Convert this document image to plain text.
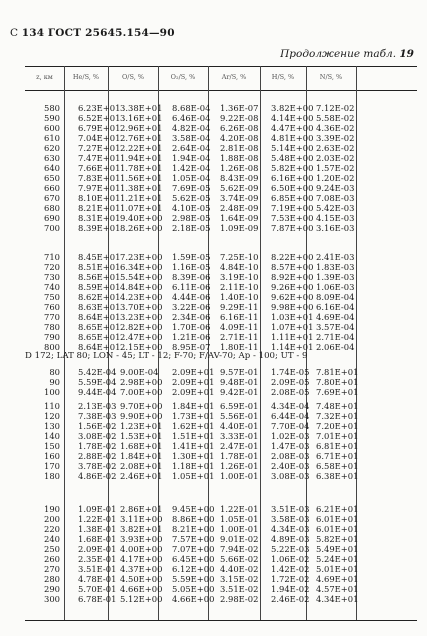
С 134 ГОСТ 25645.154—90
Продолжение табл. 19
z, км	Hе/S, %	O/S, %	O₂/S, %	Ar/S, %	H/S, %	N/S, %
580 6.23E+01 3.38E+01 8.68E-04 1.36E-07 3.82E+00 7.12E-02
590 6.52E+01 3.16E+01 6.46E-04 9.22E-08 4.14E+00 5.58E-02
600 6.79E+01 2.96E+01 4.82E-04 6.26E-08 4.47E+00 4.36E-02
610 7.04E+01 2.76E+01 3.58E-04 4.20E-08 4.81E+00 3.39E-02
620 7.27E+01 2.22E+01 2.64E-04 2.81E-08 5.14E+00 2.63E-02
630 7.47E+01 1.94E+01 1.94E-04 1.88E-08 5.48E+00 2.03E-02
640 7.66E+01 1.78E+01 1.42E-04 1.26E-08 5.82E+00 1.57E-02
650 7.83E+01 1.56E+01 1.05E-04 8.43E-09 6.16E+00 1.20E-02
660 7.97E+01 1.38E+01 7.69E-05 5.62E-09 6.50E+00 9.24E-03
670 8.10E+01 1.21E+01 5.62E-05 3.74E-09 6.85E+00 7.08E-03
680 8.21E+01 1.07E+01 4.10E-05 2.48E-09 7.19E+00 5.42E-03
690 8.31E+01 9.40E+00 2.98E-05 1.64E-09 7.53E+00 4.15E-03
700 8.39E+01 8.26E+00 2.18E-05 1.09E-09 7.87E+00 3.16E-03
710 8.45E+01 7.23E+00 1.59E-05 7.25E-10 8.22E+00 2.41E-03
720 8.51E+01 6.34E+00 1.16E-05 4.84E-10 8.57E+00 1.83E-03
730 8.56E+01 5.54E+00 8.39E-06 3.19E-10 8.92E+00 1.39E-03
740 8.59E+01 4.84E+00 6.11E-06 2.11E-10 9.26E+00 1.06E-03
750 8.62E+01 4.23E+00 4.44E-06 1.40E-10 9.62E+00 8.09E-04
760 8.63E+01 3.70E+00 3.22E-06 9.29E-11 9.98E+00 6.16E-04
770 8.64E+01 3.23E+00 2.34E-06 6.16E-11 1.03E+01 4.69E-04
780 8.65E+01 2.82E+00 1.70E-06 4.09E-11 1.07E+01 3.57E-04
790 8.65E+01 2.47E+00 1.21E-06 2.71E-11 1.11E+01 2.71E-04
800 8.64E+01 2.15E+00 8.95E-07 1.80E-11 1.14E+01 2.06E-04
D 172; LAT 80; LON - 45; LT - 12; F-70; F/AV-70; Ap - 100; UT - 9
80 5.42E-04 9.00E-04 2.09E+01 9.57E-01 1.74E-05 7.81E+01
90 5.59E-04 2.98E+00 2.09E+01 9.48E-01 2.09E-05 7.80E+01
100 9.44E-04 7.00E+00 2.09E+01 9.42E-01 2.08E-05 7.69E+01
110 2.13E-03 9.70E+00 1.84E+01 6.59E-01 4.34E-04 7.48E+01
120 7.38E-03 9.90E+00 1.73E+01 5.56E-01 6.44E-04 7.32E+01
130 1.56E-02 1.23E+01 1.62E+01 4.40E-01 7.70E-04 7.20E+01
140 3.08E-02 1.53E+01 1.51E+01 3.33E-01 1.02E-03 7.01E+01
150 1.78E-02 1.68E+01 1.41E+01 2.47E-01 1.47E-03 6.81E+01
160 2.88E-02 1.84E+01 1.30E+01 1.78E-01 2.08E-03 6.71E+01
170 3.78E-02 2.08E+01 1.18E+01 1.26E-01 2.40E-03 6.58E+01
180 4.86E-02 2.46E+01 1.05E+01 1.00E-01 3.08E-03 6.38E+01
190 1.09E-01 2.86E+01 9.45E+00 1.22E-01 3.51E-03 6.21E+01
200 1.22E-01 3.11E+00 8.86E+00 1.05E-01 3.58E-03 6.01E+01
220 1.38E-01 3.82E+01 8.21E+00 1.00E-01 4.34E-03 6.01E+01
240 1.68E-01 3.93E+00 7.57E+00 9.01E-02 4.89E-03 5.82E+01
250 2.09E-01 4.00E+00 7.07E+00 7.94E-02 5.22E-03 5.49E+01
260 2.35E-01 4.17E+00 6.45E+00 5.66E-02 1.06E-02 5.24E+01
270 3.51E-01 4.37E+00 6.12E+00 4.40E-02 1.42E-02 5.01E+01
280 4.78E-01 4.50E+00 5.59E+00 3.15E-02 1.72E-02 4.69E+01
290 5.70E-01 4.66E+00 5.05E+00 3.51E-02 1.94E-02 4.57E+01
300 6.78E-01 5.12E+00 4.66E+00 2.98E-02 2.46E-02 4.34E+01
